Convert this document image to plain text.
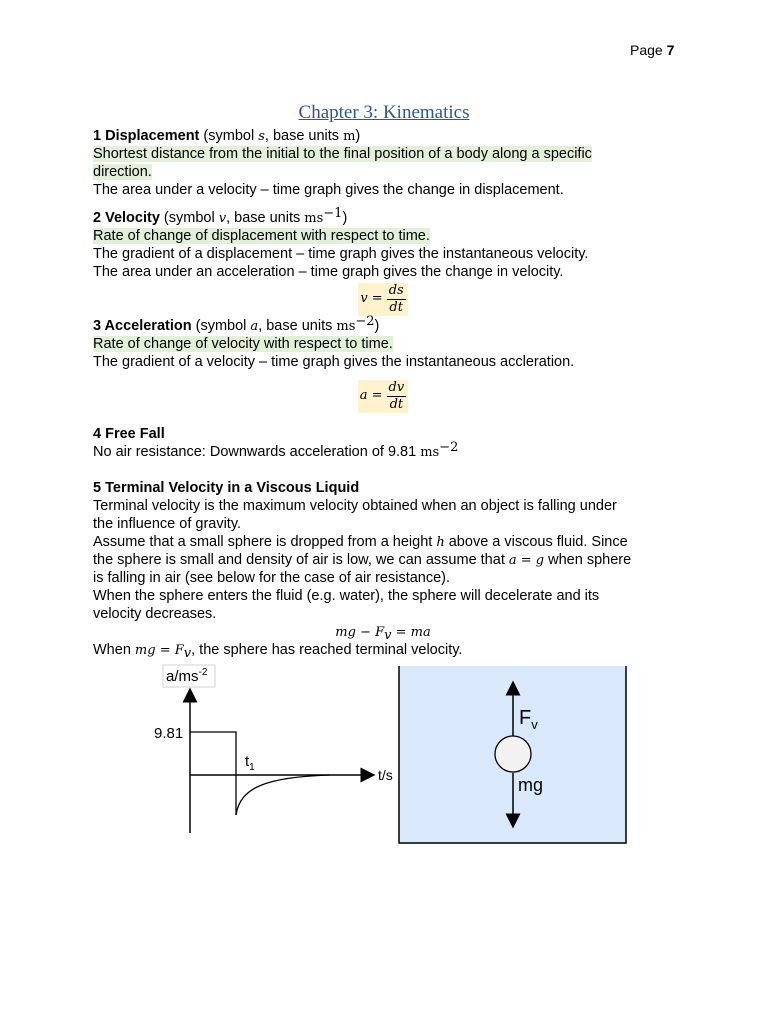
Page 7
Chapter 3: Kinematics
1 Displacement (symbol s, base units m)
Shortest distance from the initial to the final position of a body along a specific
direction.
The area under a velocity – time graph gives the change in displacement.
2 Velocity (symbol v, base units $ms^{-1}$)
Rate of change of displacement with respect to time.
The gradient of a displacement – time graph gives the instantaneous velocity.
The area under an acceleration – time graph gives the change in velocity.
$v = \frac{ds}{dt}$
3 Acceleration (symbol a, base units $ms^{-2}$)
Rate of change of velocity with respect to time.
The gradient of a velocity – time graph gives the instantaneous accleration.
$a = \frac{dv}{dt}$
4 Free Fall
No air resistance: Downwards acceleration of 9.81 $ms^{-2}$
5 Terminal Velocity in a Viscous Liquid
Terminal velocity is the maximum velocity obtained when an object is falling under
the influence of gravity.
Assume that a small sphere is dropped from a height h above a viscous fluid. Since
the sphere is small and density of air is low, we can assume that a = g when sphere
is falling in air (see below for the case of air resistance).
When the sphere enters the fluid (e.g. water), the sphere will decelerate and its
velocity decreases.
mg − $F_v$ = ma
When mg = $F_v$, the sphere has reached terminal velocity.
$a/ms^{-2}$
9.81
$t_1$	t/s
$F_v$
mg
